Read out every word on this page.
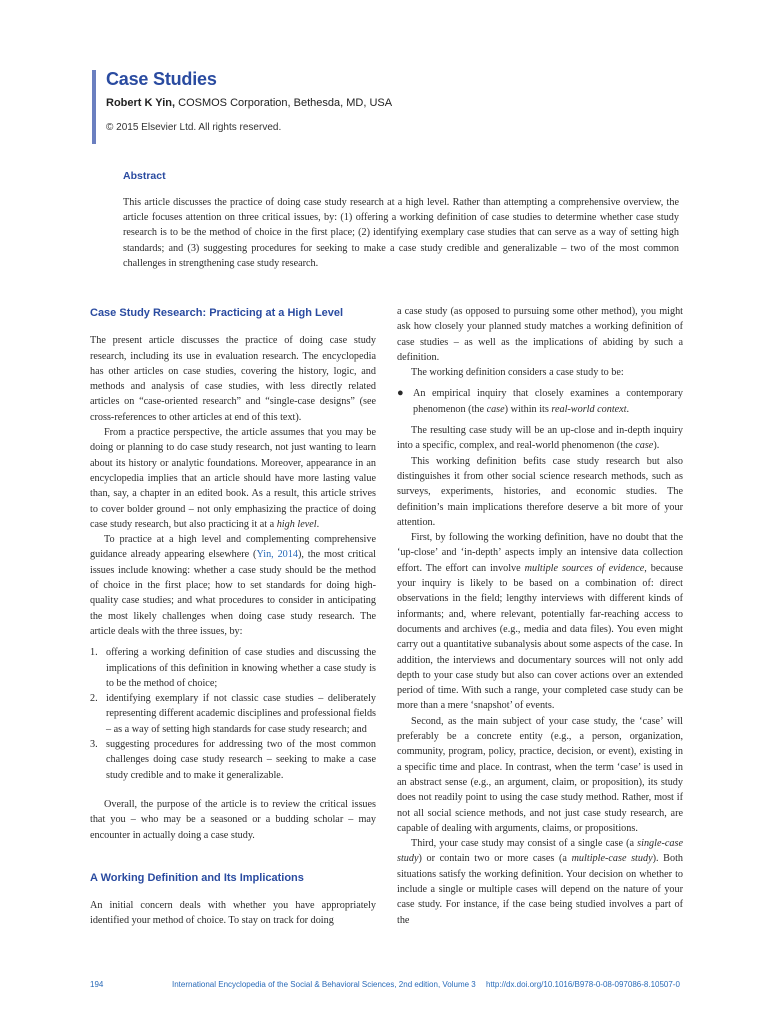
Case Studies
Robert K Yin, COSMOS Corporation, Bethesda, MD, USA
© 2015 Elsevier Ltd. All rights reserved.
Abstract

This article discusses the practice of doing case study research at a high level. Rather than attempting a comprehensive overview, the article focuses attention on three critical issues, by: (1) offering a working definition of case studies to determine whether case study research is to be the method of choice in the first place; (2) identifying exemplary case studies that can serve as a way of setting high standards; and (3) suggesting procedures for seeking to make a case study credible and generalizable – two of the most common challenges in strengthening case study research.

Case Study Research: Practicing at a High Level

The present article discusses the practice of doing case study research, including its use in evaluation research. The encyclopedia has other articles on case studies, covering the history, logic, and methods and analysis of case studies, with less directly related articles on “case-oriented research” and “single-case designs” (see cross-references to other articles at end of this text).

From a practice perspective, the article assumes that you may be doing or planning to do case study research, not just wanting to learn about its history or analytic foundations. Moreover, appearance in an encyclopedia implies that an article should have more lasting value than, say, a chapter in an edited book. As a result, this article strives to cover bolder ground – not only emphasizing the practice of doing case study research, but also practicing it at a high level.

To practice at a high level and complementing comprehensive guidance already appearing elsewhere (Yin, 2014), the most critical issues include knowing: whether a case study should be the method of choice in the first place; how to set standards for doing high-quality case studies; and what procedures to consider in anticipating the most likely challenges when doing case study research. The article deals with the three issues, by:

1. offering a working definition of case studies and discussing the implications of this definition in knowing whether a case study is to be the method of choice;
2. identifying exemplary if not classic case studies – deliberately representing different academic disciplines and professional fields – as a way of setting high standards for case study research; and
3. suggesting procedures for addressing two of the most common challenges doing case study research – seeking to make a case study credible and to make it generalizable.

Overall, the purpose of the article is to review the critical issues that you – who may be a seasoned or a budding scholar – may encounter in actually doing a case study.

A Working Definition and Its Implications

An initial concern deals with whether you have appropriately identified your method of choice. To stay on track for doing

a case study (as opposed to pursuing some other method), you might ask how closely your planned study matches a working definition of case studies – as well as the implications of abiding by such a definition.

The working definition considers a case study to be:

● An empirical inquiry that closely examines a contemporary phenomenon (the case) within its real-world context.

The resulting case study will be an up-close and in-depth inquiry into a specific, complex, and real-world phenomenon (the case).

This working definition befits case study research but also distinguishes it from other social science research methods, such as surveys, experiments, histories, and economic studies. The definition’s main implications therefore deserve a bit more of your attention.

First, by following the working definition, have no doubt that the ‘up-close’ and ‘in-depth’ aspects imply an intensive data collection effort. The effort can involve multiple sources of evidence, because your inquiry is likely to be based on a combination of: direct observations in the field; lengthy interviews with different kinds of informants; and, where relevant, potentially far-reaching access to documents and archives (e.g., media and data files). You even might carry out a quantitative subanalysis about some aspects of the case. In addition, the interviews and documentary sources will not only add depth to your case study but also can cover actions over an extended period of time. With such a range, your completed case study can be more than a mere ‘snapshot’ of events.

Second, as the main subject of your case study, the ‘case’ will preferably be a concrete entity (e.g., a person, organization, community, program, policy, practice, decision, or event), existing in a specific time and place. In contrast, when the term ‘case’ is used in an abstract sense (e.g., an argument, claim, or proposition), its study does not readily point to using the case study method. Rather, most if not all social science methods, and not just case study research, are capable of dealing with arguments, claims, or propositions.

Third, your case study may consist of a single case (a single-case study) or contain two or more cases (a multiple-case study). Both situations satisfy the working definition. Your decision on whether to include a single or multiple cases will depend on the nature of your case study. For instance, if the case being studied involves a part of the

194	International Encyclopedia of the Social & Behavioral Sciences, 2nd edition, Volume 3 http://dx.doi.org/10.1016/B978-0-08-097086-8.10507-0
